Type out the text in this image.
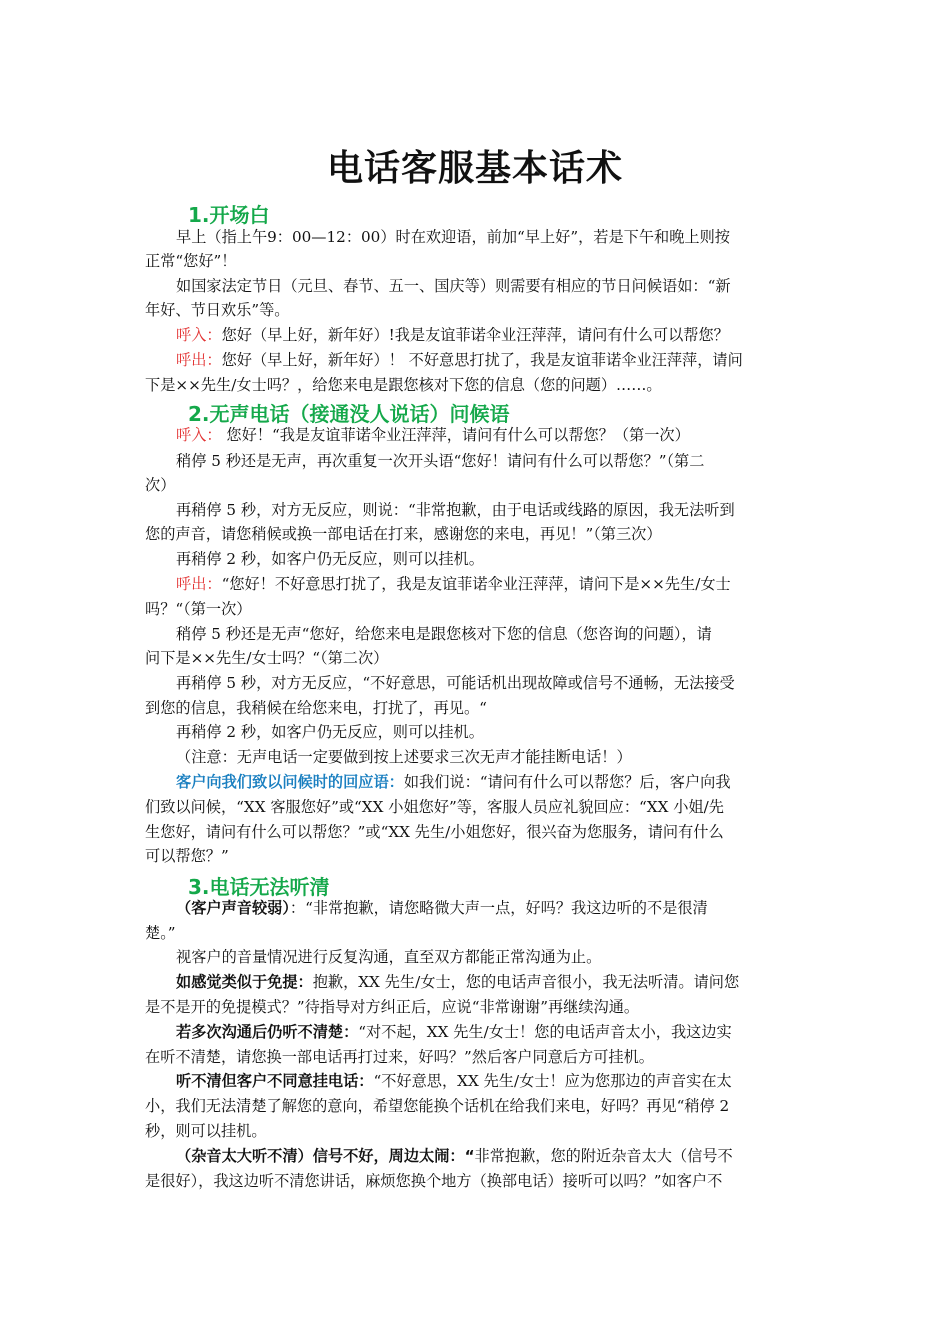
电话客服基本话术
1.开场白
早上（指上午9：00—12：00）时在欢迎语，前加“早上好”，若是下午和晚上则按
正常“您好”！
如国家法定节日（元旦、春节、五一、国庆等）则需要有相应的节日问候语如：“新
年好、节日欢乐”等。
呼入：您好（早上好，新年好）!我是友谊菲诺伞业汪萍萍，请问有什么可以帮您？
呼出：您好（早上好，新年好）！ 不好意思打扰了，我是友谊菲诺伞业汪萍萍，请问
下是××先生/女士吗？，给您来电是跟您核对下您的信息（您的问题）……。
2.无声电话（接通没人说话）问候语
呼入： 您好！“我是友谊菲诺伞业汪萍萍，请问有什么可以帮您？（第一次）
稍停 5 秒还是无声，再次重复一次开头语“您好！请问有什么可以帮您？”（第二
次）
再稍停 5 秒，对方无反应，则说：“非常抱歉，由于电话或线路的原因，我无法听到
您的声音，请您稍候或换一部电话在打来，感谢您的来电，再见！”（第三次）
再稍停 2 秒，如客户仍无反应，则可以挂机。
呼出：“您好！不好意思打扰了，我是友谊菲诺伞业汪萍萍，请问下是××先生/女士
吗？“（第一次）
稍停 5 秒还是无声“您好，给您来电是跟您核对下您的信息（您咨询的问题），请
问下是××先生/女士吗？“（第二次）
再稍停 5 秒，对方无反应，“不好意思，可能话机出现故障或信号不通畅，无法接受
到您的信息，我稍候在给您来电，打扰了，再见。“
再稍停 2 秒，如客户仍无反应，则可以挂机。
（注意：无声电话一定要做到按上述要求三次无声才能挂断电话！）
客户向我们致以问候时的回应语：如我们说：“请问有什么可以帮您？后，客户向我
们致以问候，“XX 客服您好”或“XX 小姐您好”等，客服人员应礼貌回应：“XX 小姐/先
生您好，请问有什么可以帮您？”或“XX 先生/小姐您好，很兴奋为您服务，请问有什么
可以帮您？”
3.电话无法听清
（客户声音较弱）：“非常抱歉，请您略微大声一点，好吗？我这边听的不是很清
楚。”
视客户的音量情况进行反复沟通，直至双方都能正常沟通为止。
如感觉类似于免提：抱歉，XX 先生/女士，您的电话声音很小，我无法听清。请问您
是不是开的免提模式？”待指导对方纠正后，应说“非常谢谢”再继续沟通。
若多次沟通后仍听不清楚：“对不起，XX 先生/女士！您的电话声音太小，我这边实
在听不清楚，请您换一部电话再打过来，好吗？”然后客户同意后方可挂机。
听不清但客户不同意挂电话：“不好意思，XX 先生/女士！应为您那边的声音实在太
小，我们无法清楚了解您的意向，希望您能换个话机在给我们来电，好吗？再见“稍停 2
秒，则可以挂机。
（杂音太大听不清）信号不好，周边太闹：“非常抱歉，您的附近杂音太大（信号不
是很好），我这边听不清您讲话，麻烦您换个地方（换部电话）接听可以吗？”如客户不
